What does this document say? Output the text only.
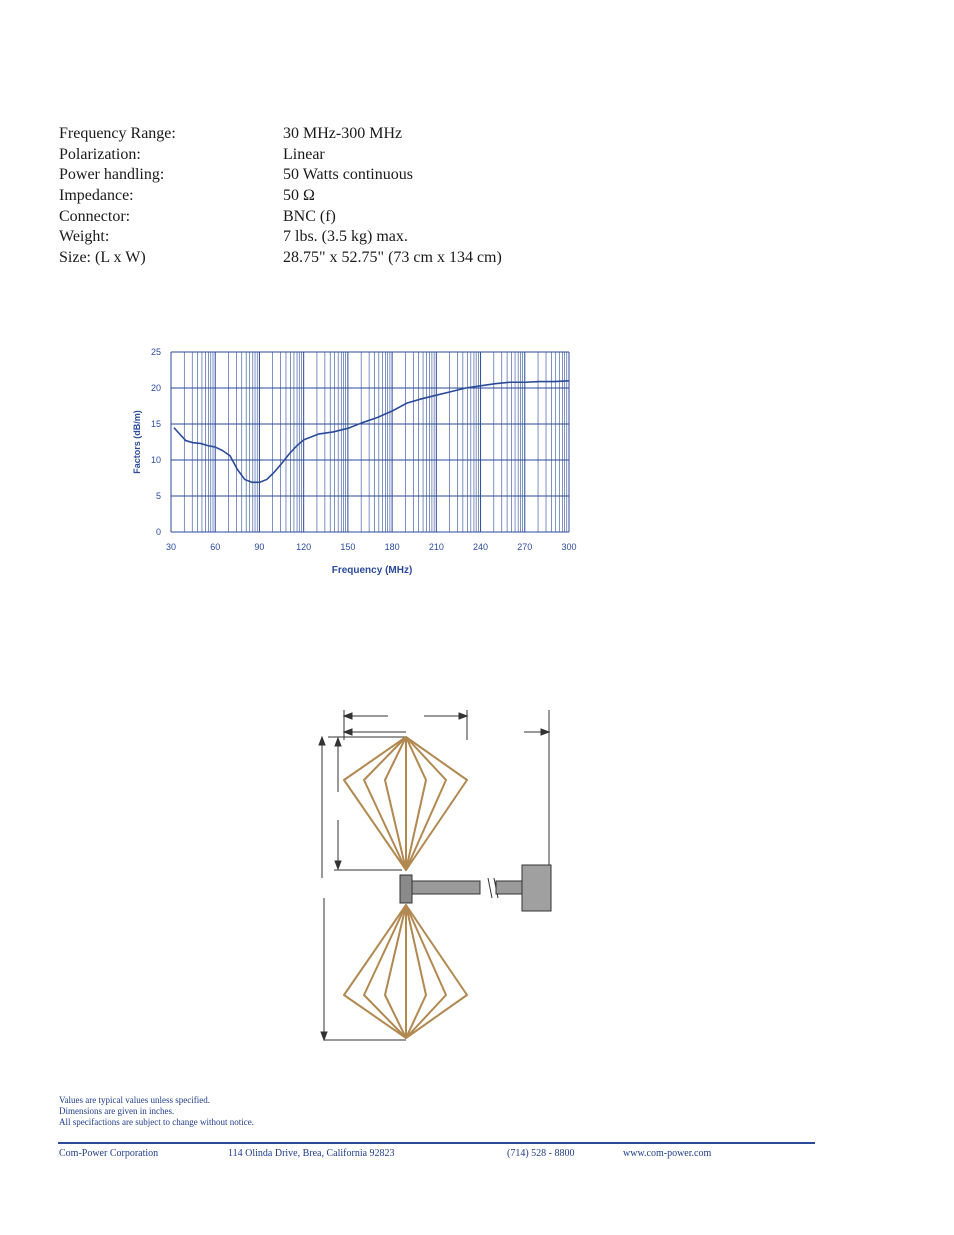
Frequency Range:	30 MHz-300 MHz
Polarization:	Linear
Power handling:	50 Watts continuous
Impedance:	50 Ω
Connector:	BNC (f)
Weight:	7 lbs. (3.5 kg) max.
Size: (L x W)	28.75" x 52.75" (73 cm x 134 cm)
30	60	90	120	150	180	210	240	270	300
0
5
10
15
20
25
Factors (dB/m)
Frequency (MHz)
Values are typical values unless specified.
Dimensions are given in inches.
All specifactions are subject to change without notice.
Com-Power Corporation	114 Olinda Drive, Brea, California 92823	(714) 528 - 8800	www.com-power.com
